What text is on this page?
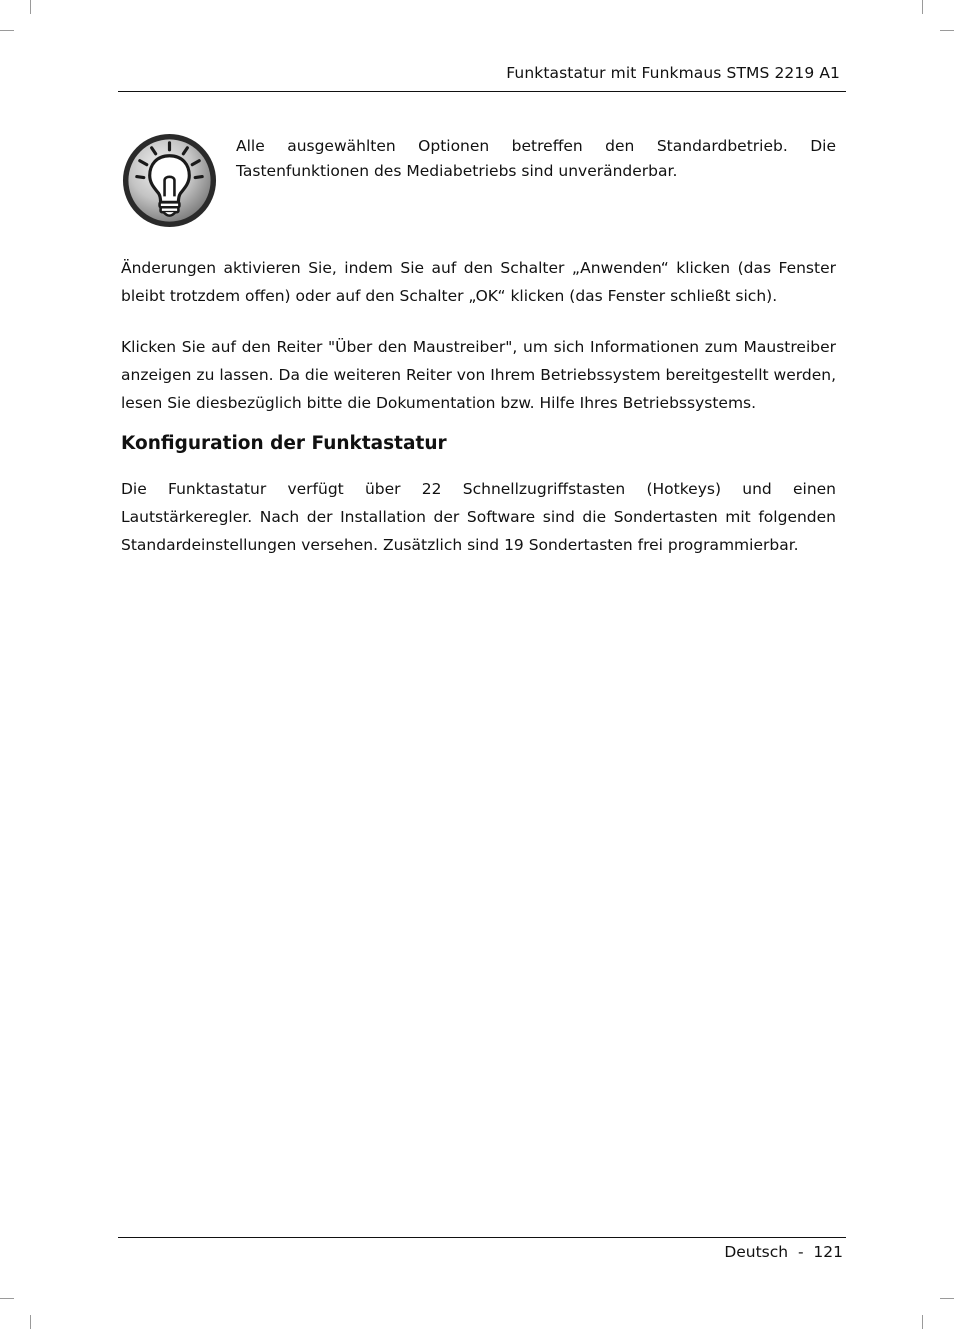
Funktastatur mit Funkmaus STMS 2219 A1

Alle ausgewählten Optionen betreffen den Standardbetrieb. Die Tastenfunktionen des Mediabetriebs sind unveränderbar.

Änderungen aktivieren Sie, indem Sie auf den Schalter „Anwenden“ klicken (das Fenster bleibt trotzdem offen) oder auf den Schalter „OK“ klicken (das Fenster schließt sich).

Klicken Sie auf den Reiter "Über den Maustreiber", um sich Informationen zum Maustreiber anzeigen zu lassen. Da die weiteren Reiter von Ihrem Betriebssystem bereitgestellt werden, lesen Sie diesbezüglich bitte die Dokumentation bzw. Hilfe Ihres Betriebssystems.

Konfiguration der Funktastatur

Die Funktastatur verfügt über 22 Schnellzugriffstasten (Hotkeys) und einen Lautstärkeregler. Nach der Installation der Software sind die Sondertasten mit folgenden Standardeinstellungen versehen. Zusätzlich sind 19 Sondertasten frei programmierbar.

Deutsch  -  121
